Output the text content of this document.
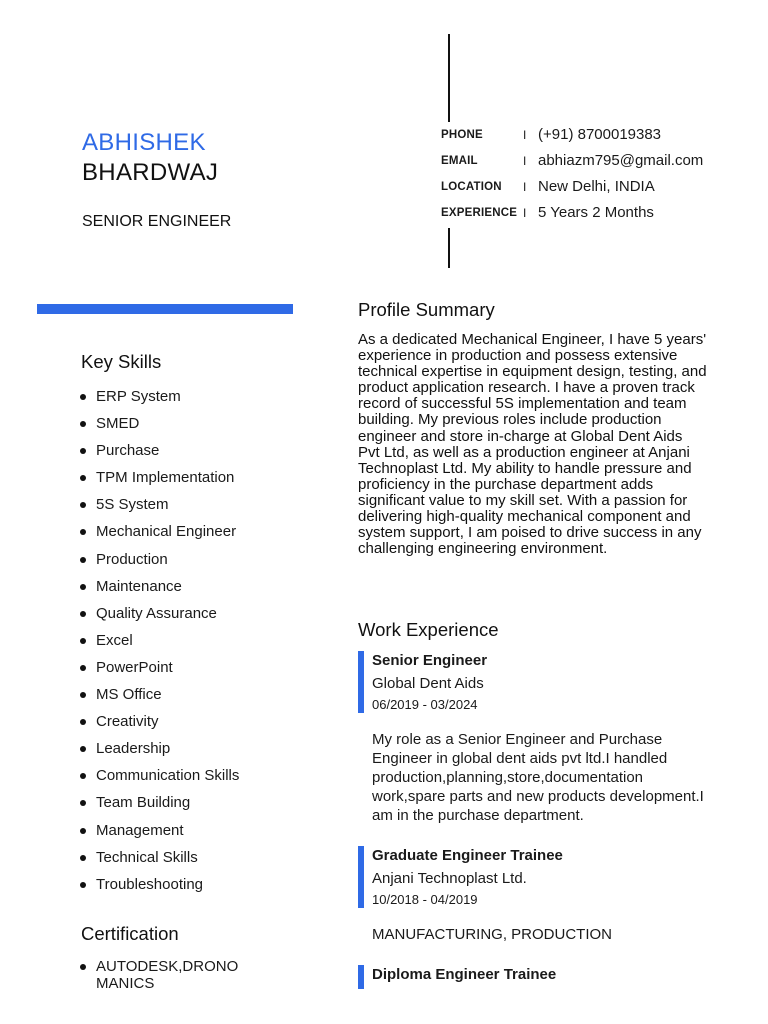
ABHISHEK
BHARDWAJ
SENIOR ENGINEER
PHONE	I (+91) 8700019383
EMAIL	I abhiazm795@gmail.com
LOCATION I New Delhi, INDIA
EXPERIENCE I 5 Years 2 Months
Key Skills
ERP System
SMED
Purchase
TPM Implementation
5S System
Mechanical Engineer
Production
Maintenance
Quality Assurance
Excel
PowerPoint
MS Office
Creativity
Leadership
Communication Skills
Team Building
Management
Technical Skills
Troubleshooting
Certification
AUTODESK,DRONO MANICS
Profile Summary
As a dedicated Mechanical Engineer, I have 5 years' experience in production and possess extensive technical expertise in equipment design, testing, and product application research. I have a proven track record of successful 5S implementation and team building. My previous roles include production engineer and store in-charge at Global Dent Aids Pvt Ltd, as well as a production engineer at Anjani Technoplast Ltd. My ability to handle pressure and proficiency in the purchase department adds significant value to my skill set. With a passion for delivering high-quality mechanical component and system support, I am poised to drive success in any challenging engineering environment.
Work Experience
Senior Engineer
Global Dent Aids
06/2019 - 03/2024
My role as a Senior Engineer and Purchase Engineer in global dent aids pvt ltd.I handled production,planning,store,documentation work,spare parts and new products development.I am in the purchase department.
Graduate Engineer Trainee
Anjani Technoplast Ltd.
10/2018 - 04/2019
MANUFACTURING, PRODUCTION
Diploma Engineer Trainee
